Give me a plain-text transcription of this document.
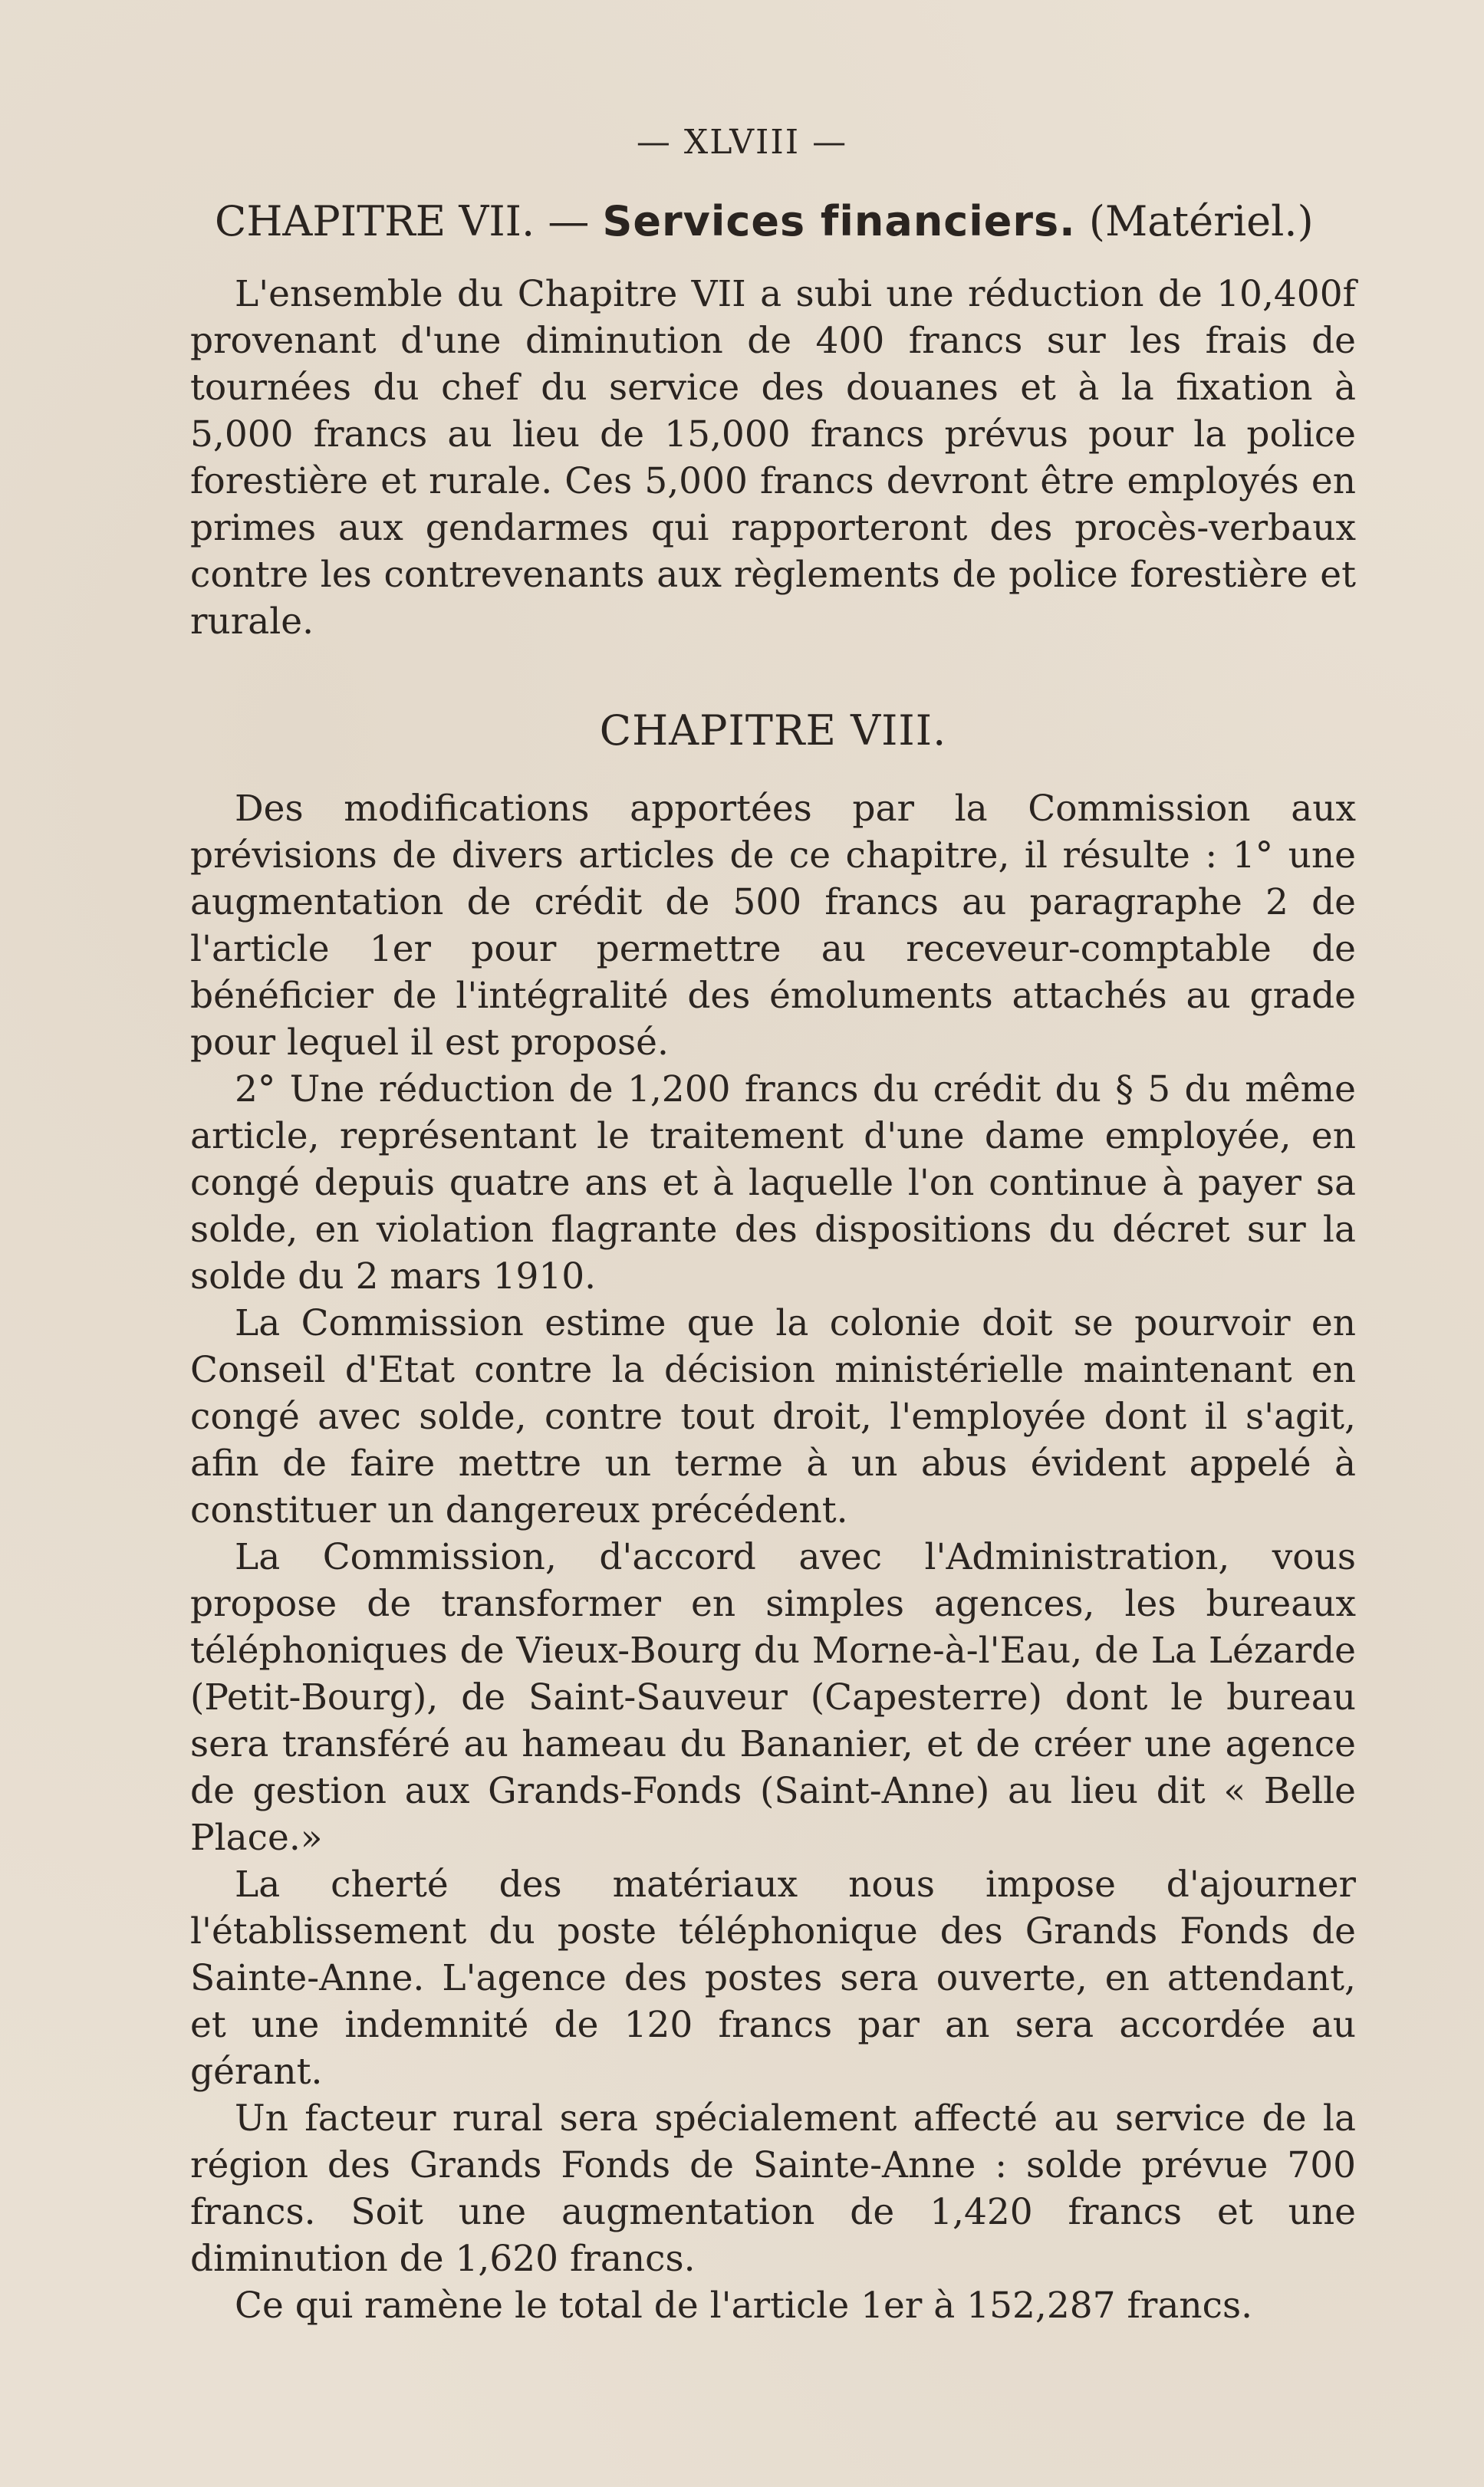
— XLVIII —
CHAPITRE VII. — Services financiers. (Matériel.)

L'ensemble du Chapitre VII a subi une réduction de 10,400f provenant d'une diminution de 400 francs sur les frais de tournées du chef du service des douanes et à la fixation à 5,000 francs au lieu de 15,000 francs prévus pour la police forestière et rurale. Ces 5,000 francs devront être employés en primes aux gendarmes qui rapporteront des procès-verbaux contre les contrevenants aux règlements de police forestière et rurale.

CHAPITRE VIII.

Des modifications apportées par la Commission aux prévisions de divers articles de ce chapitre, il résulte : 1° une augmentation de crédit de 500 francs au paragraphe 2 de l'article 1er pour permettre au receveur-comptable de bénéficier de l'intégralité des émoluments attachés au grade pour lequel il est proposé.

2° Une réduction de 1,200 francs du crédit du § 5 du même article, représentant le traitement d'une dame employée, en congé depuis quatre ans et à laquelle l'on continue à payer sa solde, en violation flagrante des dispositions du décret sur la solde du 2 mars 1910.

La Commission estime que la colonie doit se pourvoir en Conseil d'Etat contre la décision ministérielle maintenant en congé avec solde, contre tout droit, l'employée dont il s'agit, afin de faire mettre un terme à un abus évident appelé à constituer un dangereux précédent.

La Commission, d'accord avec l'Administration, vous propose de transformer en simples agences, les bureaux téléphoniques de Vieux-Bourg du Morne-à-l'Eau, de La Lézarde (Petit-Bourg), de Saint-Sauveur (Capesterre) dont le bureau sera transféré au hameau du Bananier, et de créer une agence de gestion aux Grands-Fonds (Saint-Anne) au lieu dit « Belle Place.»

La cherté des matériaux nous impose d'ajourner l'établissement du poste téléphonique des Grands Fonds de Sainte-Anne. L'agence des postes sera ouverte, en attendant, et une indemnité de 120 francs par an sera accordée au gérant.

Un facteur rural sera spécialement affecté au service de la région des Grands Fonds de Sainte-Anne : solde prévue 700 francs. Soit une augmentation de 1,420 francs et une diminution de 1,620 francs.

Ce qui ramène le total de l'article 1er à 152,287 francs.
